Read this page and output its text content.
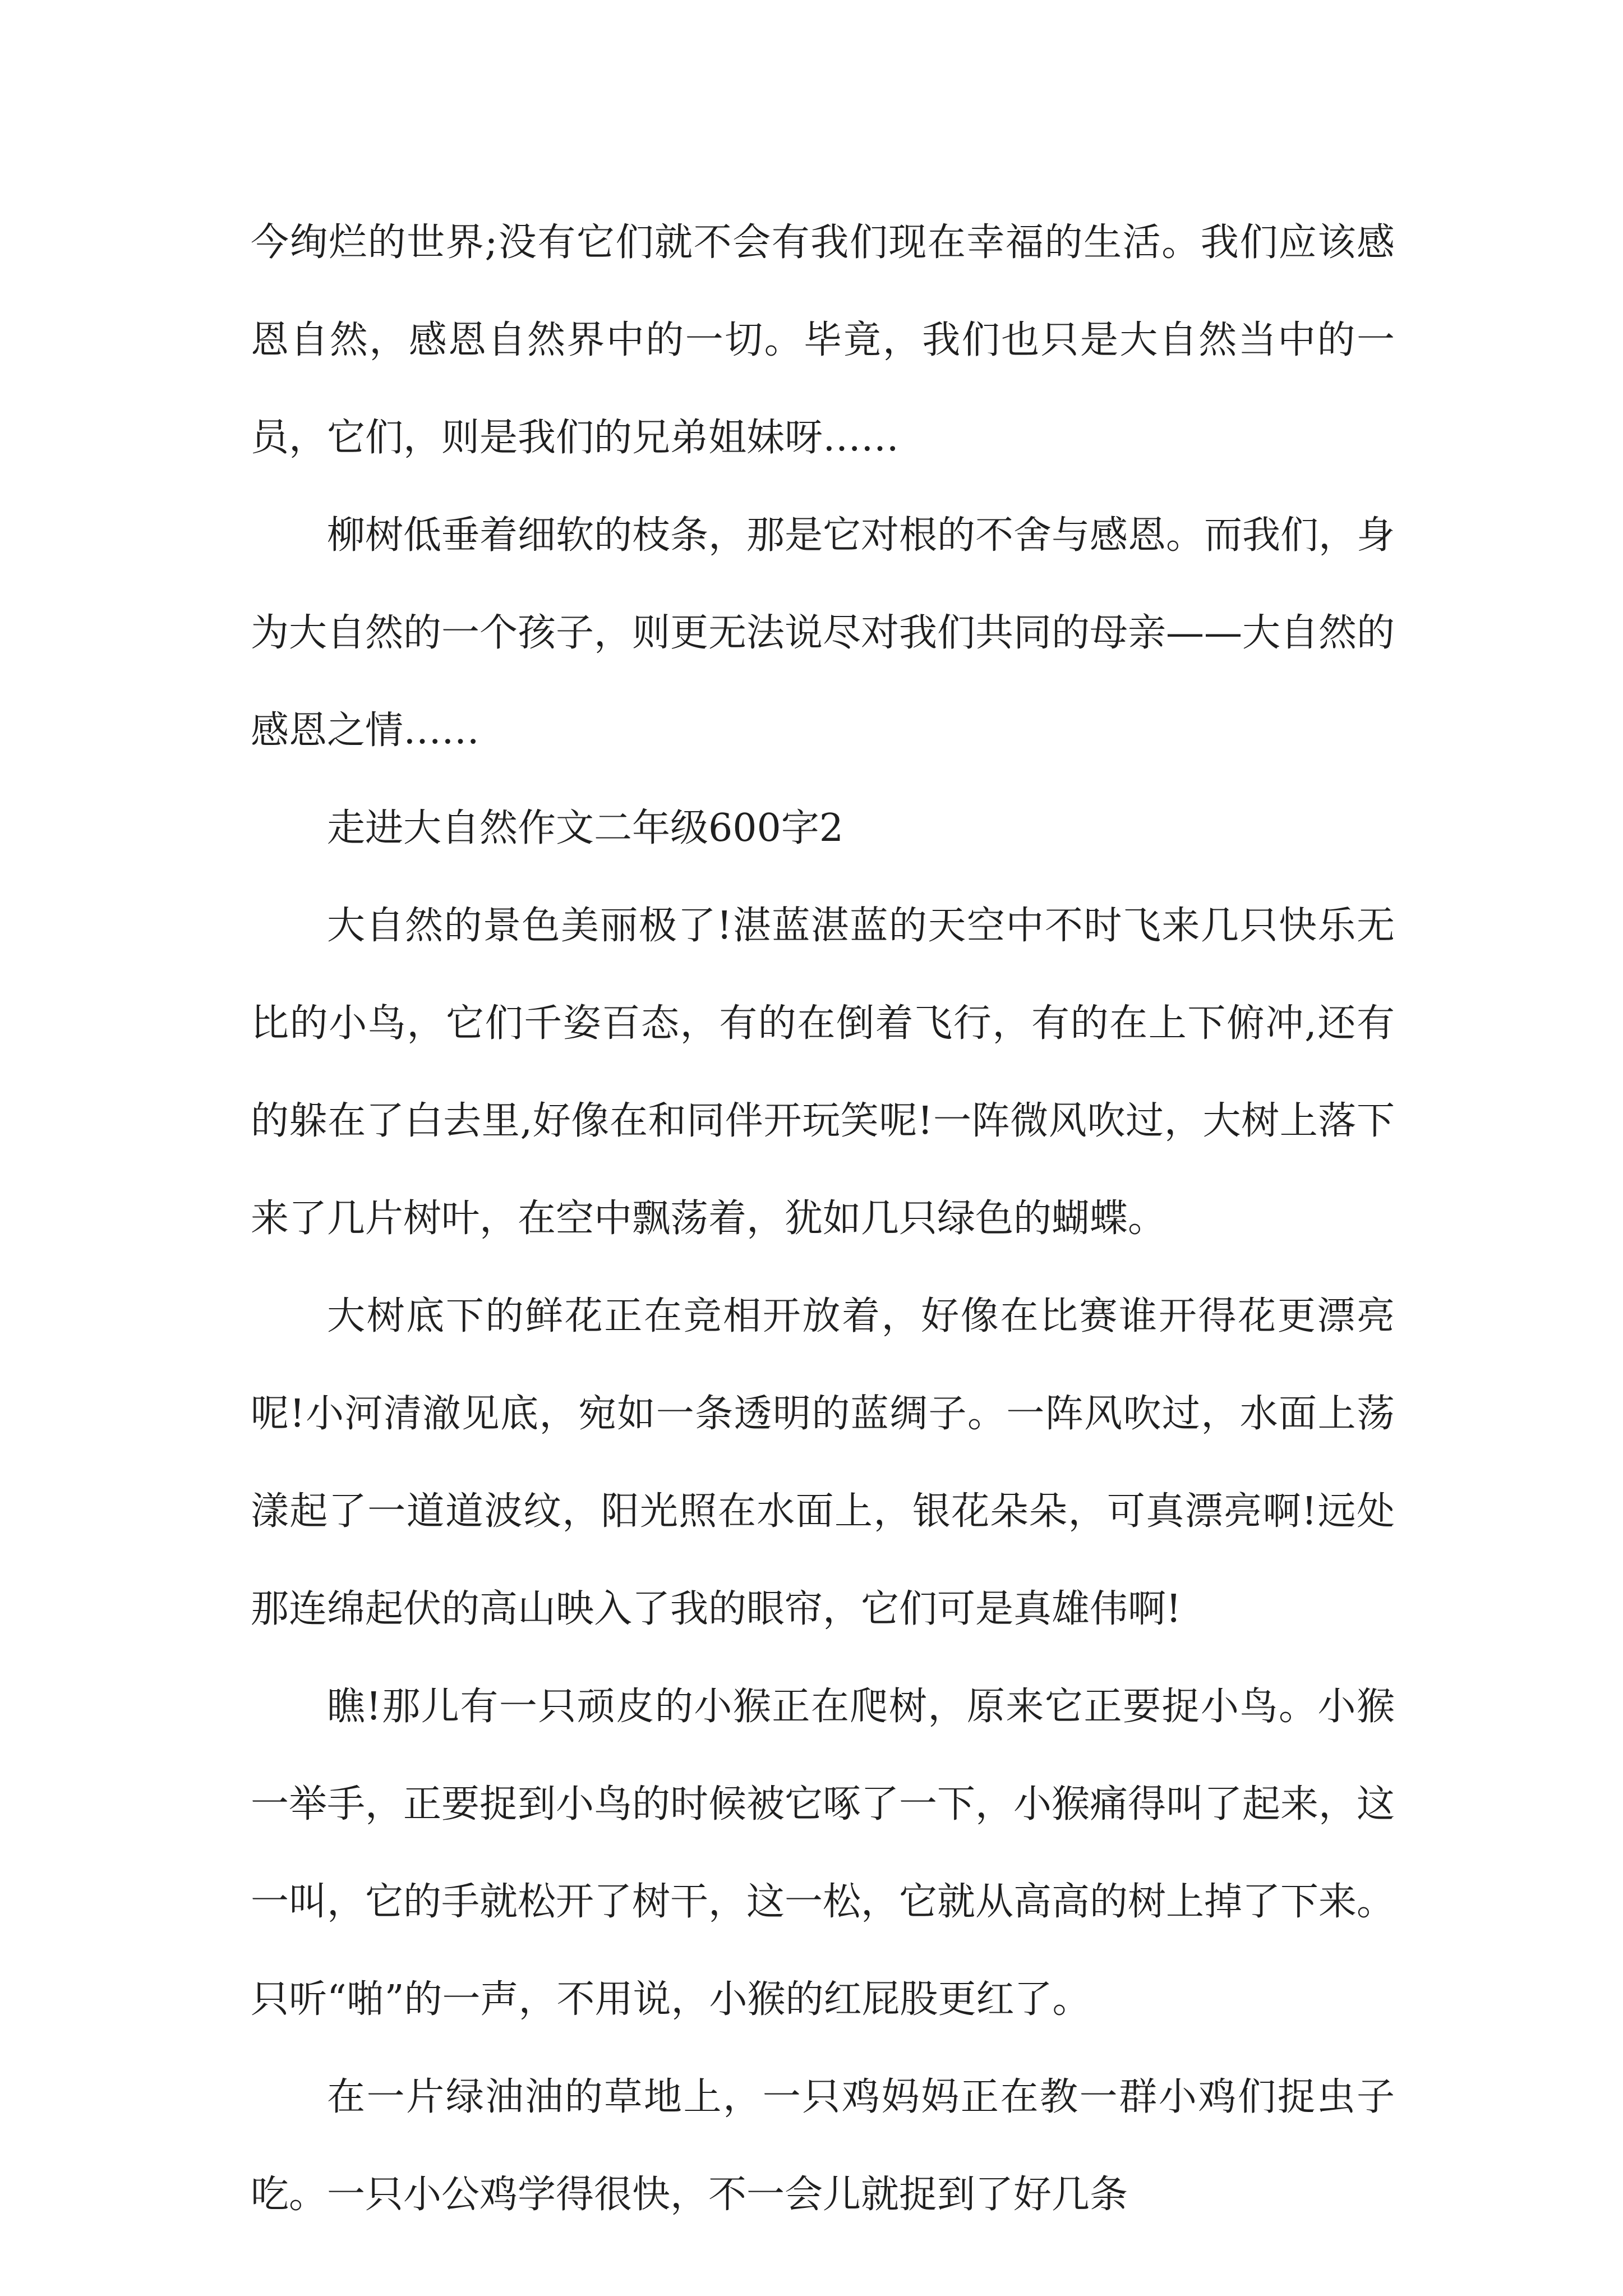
今绚烂的世界;没有它们就不会有我们现在幸福的生活。我们应该感恩自然，感恩自然界中的一切。毕竟，我们也只是大自然当中的一员，它们，则是我们的兄弟姐妹呀……

柳树低垂着细软的枝条，那是它对根的不舍与感恩。而我们，身为大自然的一个孩子，则更无法说尽对我们共同的母亲——大自然的感恩之情……

走进大自然作文二年级600字2

大自然的景色美丽极了!湛蓝湛蓝的天空中不时飞来几只快乐无比的小鸟，它们千姿百态，有的在倒着飞行，有的在上下俯冲,还有的躲在了白去里,好像在和同伴开玩笑呢!一阵微风吹过，大树上落下来了几片树叶，在空中飘荡着，犹如几只绿色的蝴蝶。

大树底下的鲜花正在竞相开放着，好像在比赛谁开得花更漂亮呢!小河清澈见底，宛如一条透明的蓝绸子。一阵风吹过，水面上荡漾起了一道道波纹，阳光照在水面上，银花朵朵，可真漂亮啊!远处那连绵起伏的高山映入了我的眼帘，它们可是真雄伟啊!

瞧!那儿有一只顽皮的小猴正在爬树，原来它正要捉小鸟。小猴一举手，正要捉到小鸟的时候被它啄了一下，小猴痛得叫了起来，这一叫，它的手就松开了树干，这一松，它就从高高的树上掉了下来。只听“啪”的一声，不用说，小猴的红屁股更红了。

在一片绿油油的草地上，一只鸡妈妈正在教一群小鸡们捉虫子吃。一只小公鸡学得很快，不一会儿就捉到了好几条
